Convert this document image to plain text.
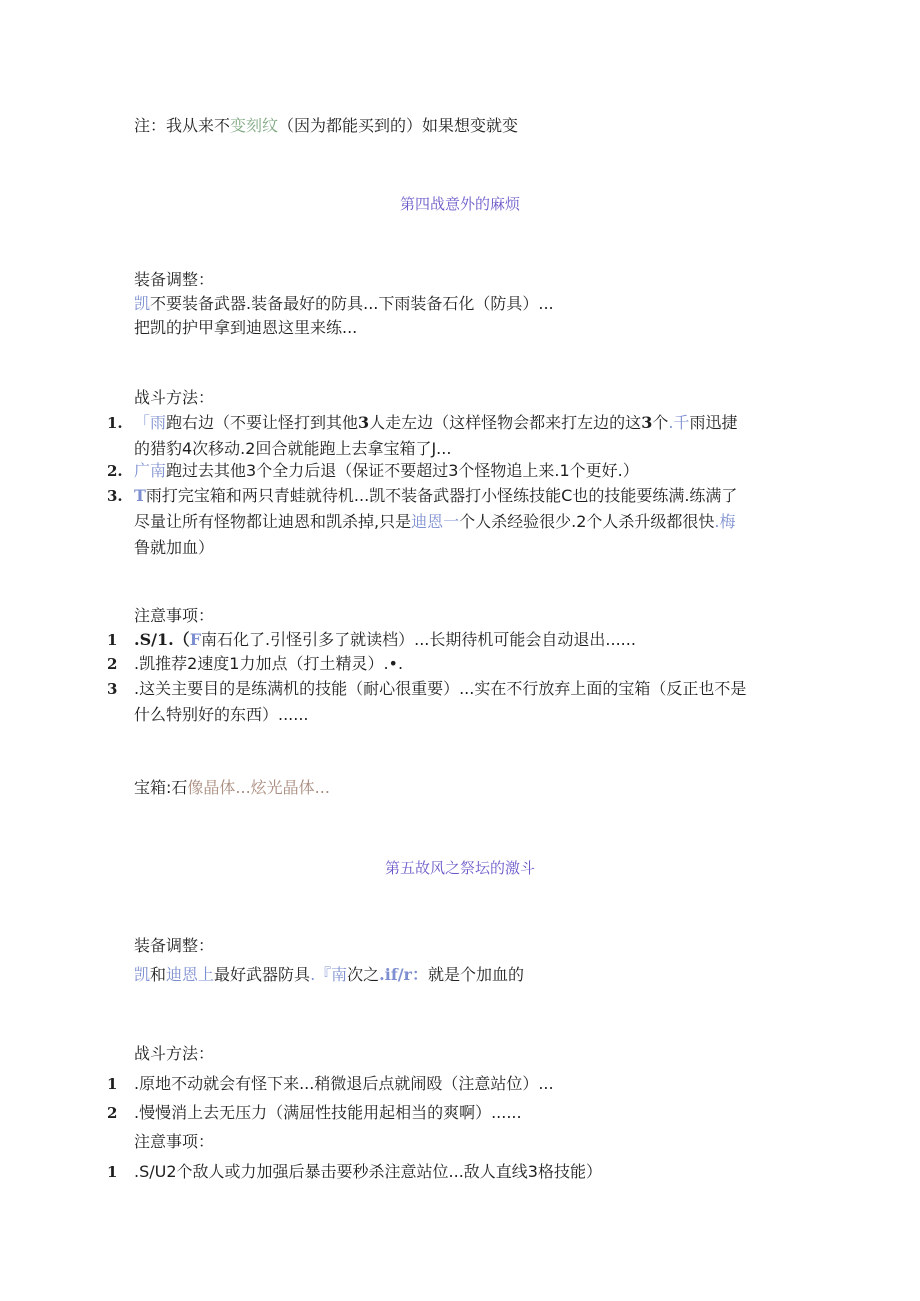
注：我从来不变刻纹（因为都能买到的）如果想变就变
第四战意外的麻烦
装备调整：
凯不要装备武器.装备最好的防具...下雨装备石化（防具）...
把凯的护甲拿到迪恩这里来练...
战斗方法：
1. 「雨跑右边（不要让怪打到其他3人走左边（这样怪物会都来打左边的这3个.千雨迅捷
的猎豹4次移动.2回合就能跑上去拿宝箱了J...
2. 广南跑过去其他3个全力后退（保证不要超过3个怪物追上来.1个更好.）
3. T雨打完宝箱和两只青蛙就待机...凯不装备武器打小怪练技能C也的技能要练满.练满了
尽量让所有怪物都让迪恩和凯杀掉,只是迪恩一个人杀经验很少.2个人杀升级都很快.梅
鲁就加血）
注意事项：
1 .S/1.（F南石化了.引怪引多了就读档）...长期待机可能会自动退出......
2 .凯推荐2速度1力加点（打土精灵）.•.
3 .这关主要目的是练满机的技能（耐心很重要）...实在不行放弃上面的宝箱（反正也不是
什么特别好的东西）......
宝箱:石像晶体...炫光晶体...
第五故风之祭坛的激斗
装备调整：
凯和迪恩上最好武器防具.『南次之.if/r：就是个加血的
战斗方法：
1 .原地不动就会有怪下来...稍微退后点就闹殴（注意站位）...
2 .慢慢消上去无压力（满屈性技能用起相当的爽啊）......
注意事项：
1 .S/U2个敌人或力加强后暴击要秒杀注意站位...敌人直线3格技能）
